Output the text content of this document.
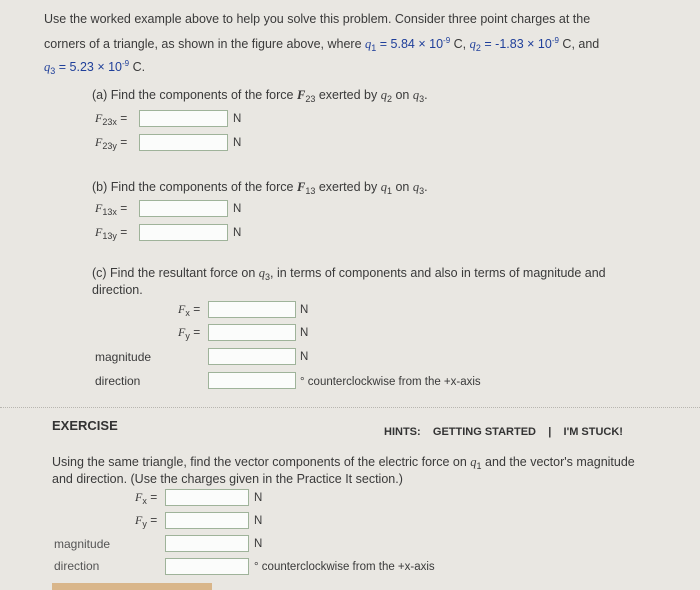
Use the worked example above to help you solve this problem. Consider three point charges at the
corners of a triangle, as shown in the figure above, where $q_1 = 5.84 \times 10^{-9}$ C, $q_2 = -1.83 \times 10^{-9}$ C, and
$q_3 = 5.23 \times 10^{-9}$ C.
(a) Find the components of the force $F_{23}$ exerted by $q_2$ on $q_3$.
$F_{23x}$ =	N
$F_{23y}$ =	N
(b) Find the components of the force $F_{13}$ exerted by $q_1$ on $q_3$.
$F_{13x}$ =	N
$F_{13y}$ =	N
(c) Find the resultant force on $q_3$, in terms of components and also in terms of magnitude and
direction.
$F_x$ =	N
$F_y$ =	N
magnitude	N
direction	° counterclockwise from the +x-axis
EXERCISE	HINTS: GETTING STARTED | I'M STUCK!
Using the same triangle, find the vector components of the electric force on $q_1$ and the vector's magnitude
and direction. (Use the charges given in the Practice It section.)
$F_x$ =	N
$F_y$ =	N
magnitude	N
direction	° counterclockwise from the +x-axis
